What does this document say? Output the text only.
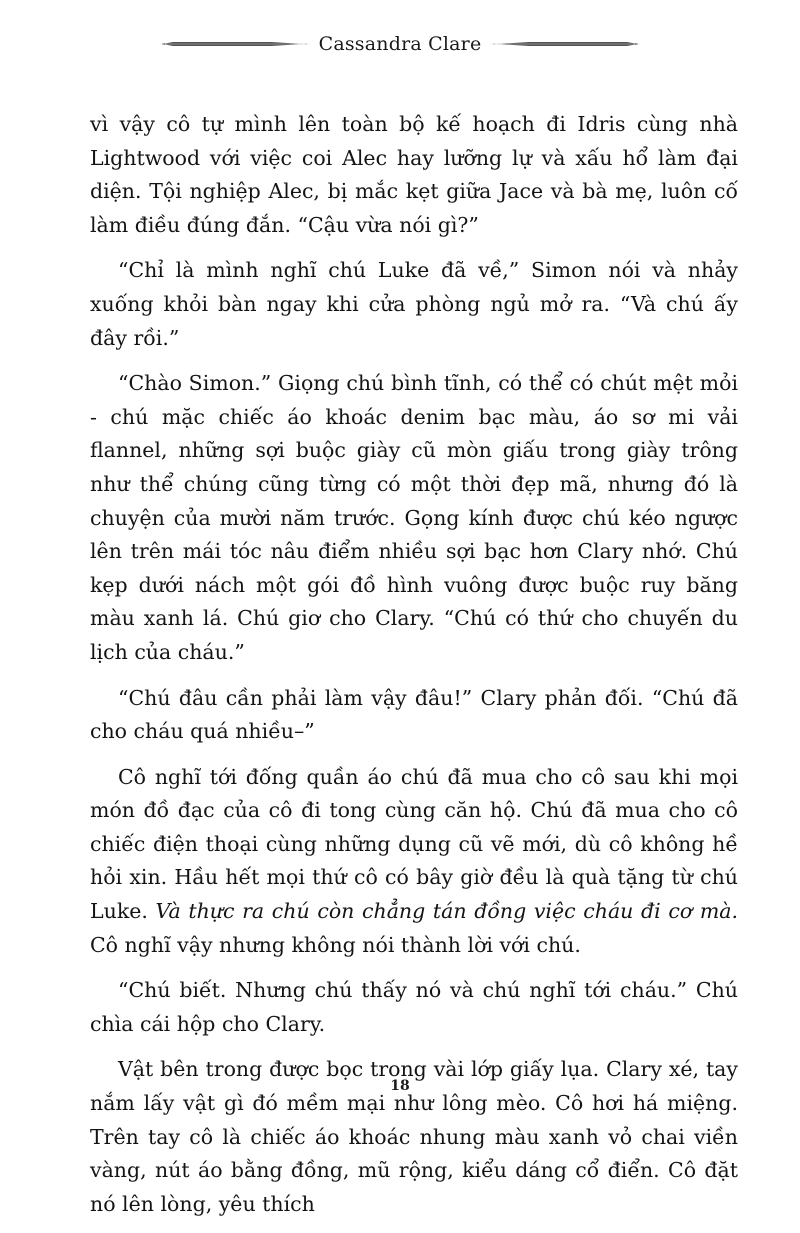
Cassandra Clare

vì vậy cô tự mình lên toàn bộ kế hoạch đi Idris cùng nhà Lightwood với việc coi Alec hay lưỡng lự và xấu hổ làm đại diện. Tội nghiệp Alec, bị mắc kẹt giữa Jace và bà mẹ, luôn cố làm điều đúng đắn. “Cậu vừa nói gì?”

“Chỉ là mình nghĩ chú Luke đã về,” Simon nói và nhảy xuống khỏi bàn ngay khi cửa phòng ngủ mở ra. “Và chú ấy đây rồi.”

“Chào Simon.” Giọng chú bình tĩnh, có thể có chút mệt mỏi - chú mặc chiếc áo khoác denim bạc màu, áo sơ mi vải flannel, những sợi buộc giày cũ mòn giấu trong giày trông như thể chúng cũng từng có một thời đẹp mã, nhưng đó là chuyện của mười năm trước. Gọng kính được chú kéo ngược lên trên mái tóc nâu điểm nhiều sợi bạc hơn Clary nhớ. Chú kẹp dưới nách một gói đồ hình vuông được buộc ruy băng màu xanh lá. Chú giơ cho Clary. “Chú có thứ cho chuyến du lịch của cháu.”

“Chú đâu cần phải làm vậy đâu!” Clary phản đối. “Chú đã cho cháu quá nhiều–”

Cô nghĩ tới đống quần áo chú đã mua cho cô sau khi mọi món đồ đạc của cô đi tong cùng căn hộ. Chú đã mua cho cô chiếc điện thoại cùng những dụng cũ vẽ mới, dù cô không hề hỏi xin. Hầu hết mọi thứ cô có bây giờ đều là quà tặng từ chú Luke. Và thực ra chú còn chẳng tán đồng việc cháu đi cơ mà. Cô nghĩ vậy nhưng không nói thành lời với chú.

“Chú biết. Nhưng chú thấy nó và chú nghĩ tới cháu.” Chú chìa cái hộp cho Clary.

Vật bên trong được bọc trong vài lớp giấy lụa. Clary xé, tay nắm lấy vật gì đó mềm mại như lông mèo. Cô hơi há miệng. Trên tay cô là chiếc áo khoác nhung màu xanh vỏ chai viền vàng, nút áo bằng đồng, mũ rộng, kiểu dáng cổ điển. Cô đặt nó lên lòng, yêu thích

18
